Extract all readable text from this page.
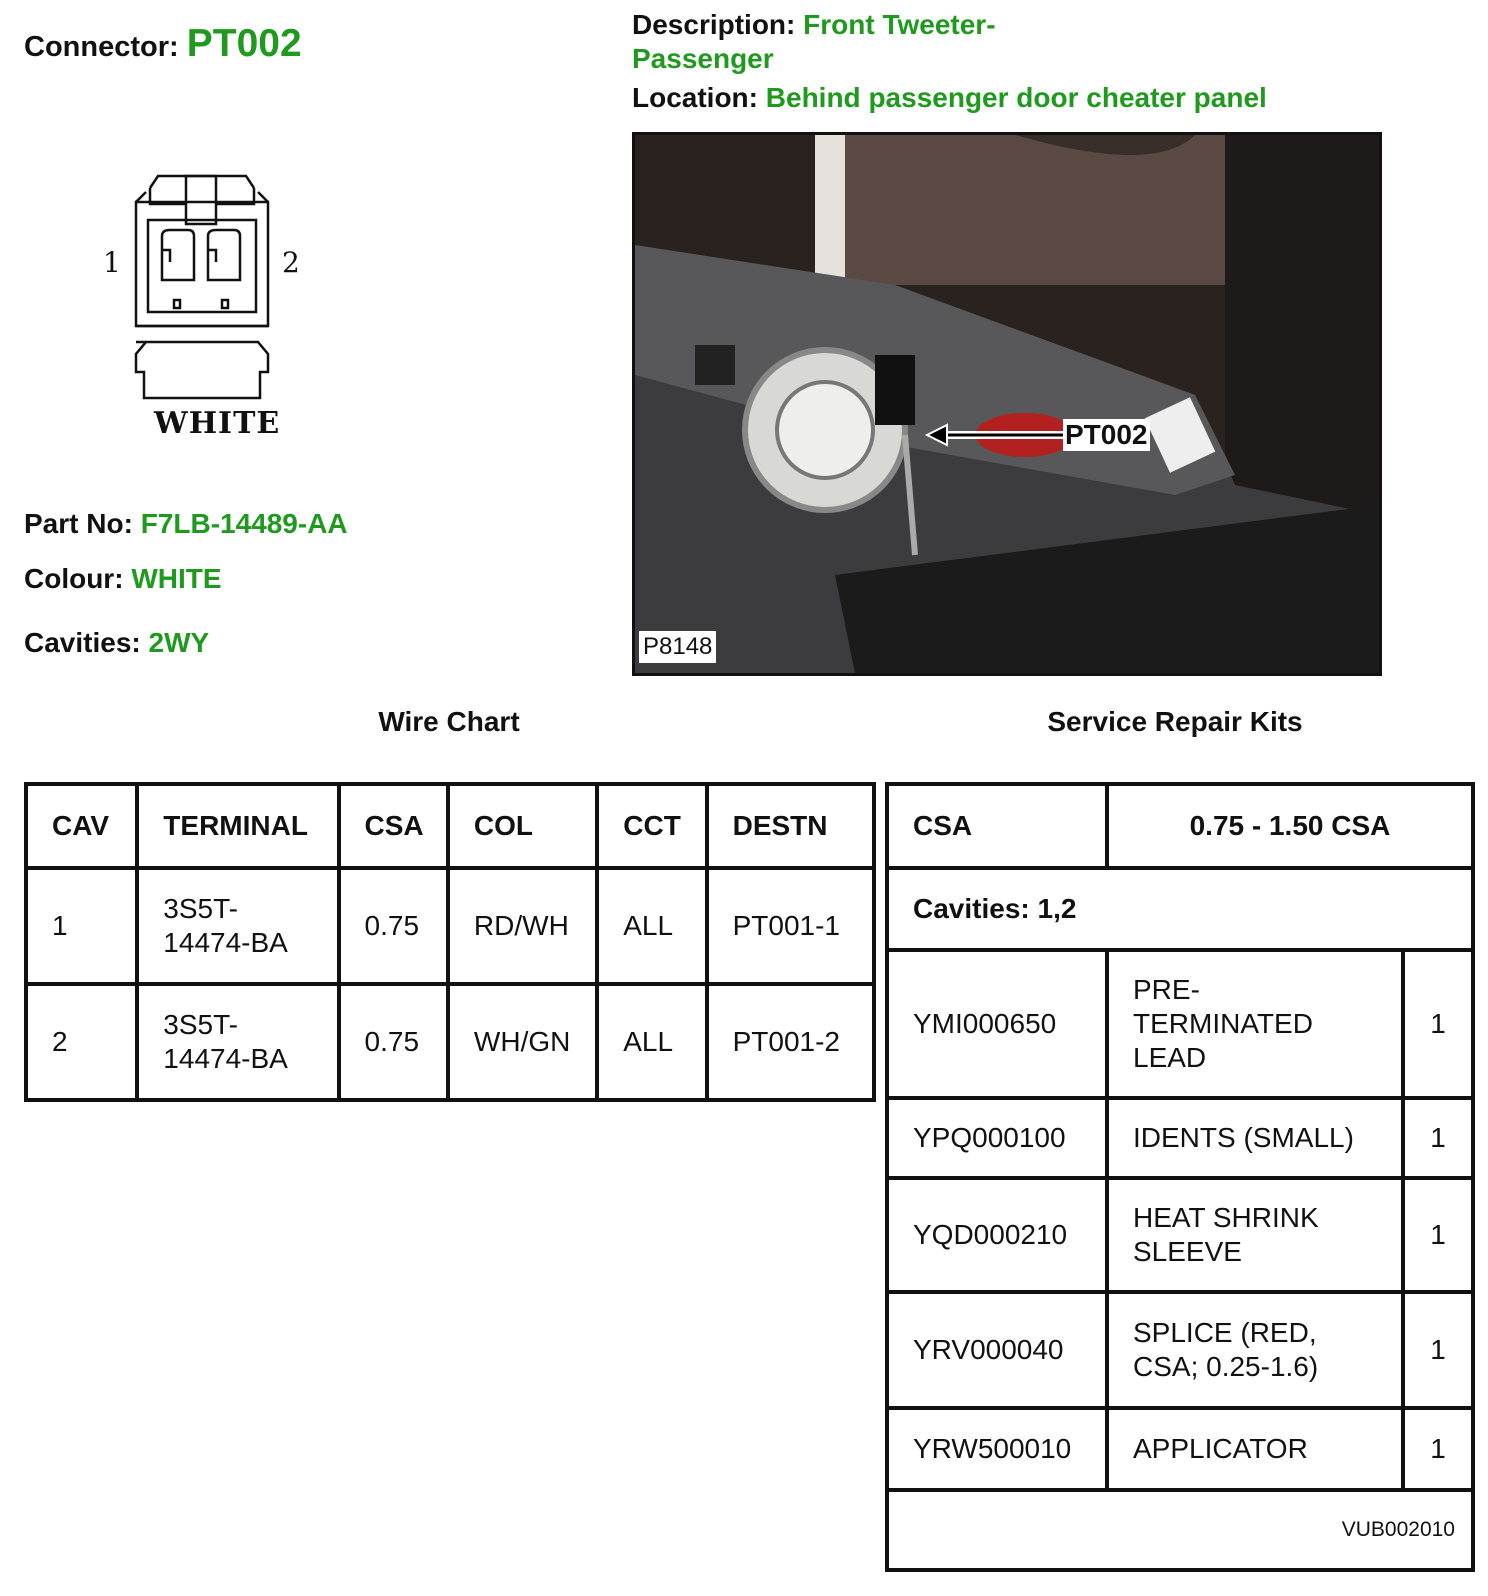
Connector: PT002	Description: Front Tweeter-Passenger
Location: Behind passenger door cheater panel
1	2
WHITE	PT002
P8148
Part No: F7LB-14489-AA
Colour: WHITE
Cavities: 2WY
Wire Chart	Service Repair Kits
CAV	TERMINAL	CSA	COL	CCT	DESTN
1	3S5T-14474-BA	0.75	RD/WH	ALL	PT001-1
2	3S5T-14474-BA	0.75	WH/GN	ALL	PT001-2
CSA	0.75 - 1.50 CSA	
Cavities: 1,2		
YMI000650	PRE-TERMINATED LEAD	1
YPQ000100	IDENTS (SMALL)	1
YQD000210	HEAT SHRINK SLEEVE	1
YRV000040	SPLICE (RED, CSA; 0.25-1.6)	1
YRW500010	APPLICATOR	1
VUB002010		
